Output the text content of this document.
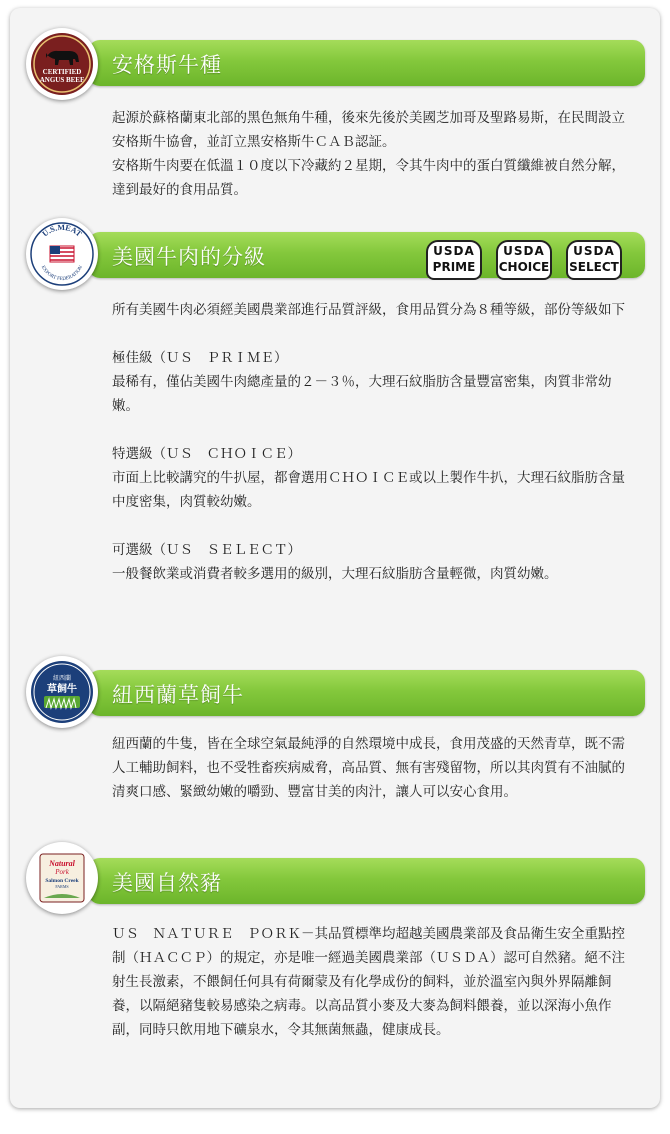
安格斯牛種
CERTIFIED
ANGUS BEEF

起源於蘇格蘭東北部的黑色無角牛種，後來先後於美國芝加哥及聖路易斯，在民間設立安格斯牛協會，並訂立黑安格斯牛ＣＡＢ認証。

安格斯牛肉要在低溫１０度以下冷藏約２星期，令其牛肉中的蛋白質纖維被自然分解，達到最好的食用品質。

美國牛肉的分級	USDA
PRIME
USDA
CHOICE
USDA
SELECT
U.S.MEAT
EXPORT FEDERATION

所有美國牛肉必須經美國農業部進行品質評級，食用品質分為８種等級，部份等級如下

極佳級（ＵＳ　ＰＲＩＭＥ）

最稀有，僅佔美國牛肉總產量的２－３％，大理石紋脂肪含量豐富密集，肉質非常幼嫩。

特選級（ＵＳ　ＣＨＯＩＣＥ）

市面上比較講究的牛扒屋，都會選用ＣＨＯＩＣＥ或以上製作牛扒，大理石紋脂肪含量中度密集，肉質較幼嫩。

可選級（ＵＳ　ＳＥＬＥＣＴ）

一般餐飲業或消費者較多選用的級別，大理石紋脂肪含量輕微，肉質幼嫩。

紐西蘭草飼牛
紐西蘭
草飼牛

紐西蘭的牛隻，皆在全球空氣最純淨的自然環境中成長，食用茂盛的天然青草，既不需人工輔助飼料，也不受牲畜疾病威脅，高品質、無有害殘留物，所以其肉質有不油膩的清爽口感、緊緻幼嫩的嚼勁、豐富甘美的肉汁，讓人可以安心食用。

美國自然豬
Natural
Pork
Salmon Creek
FARMS

ＵＳ　ＮＡＴＵＲＥ　ＰＯＲＫ－其品質標準均超越美國農業部及食品衛生安全重點控制（ＨＡＣＣＰ）的規定，亦是唯一經過美國農業部（ＵＳＤＡ）認可自然豬。絕不注射生長激素，不餵飼任何具有荷爾蒙及有化學成份的飼料，並於溫室內與外界隔離飼養，以隔絕豬隻較易感染之病毒。以高品質小麥及大麥為飼料餵養，並以深海小魚作副，同時只飲用地下礦泉水，令其無菌無蟲，健康成長。
